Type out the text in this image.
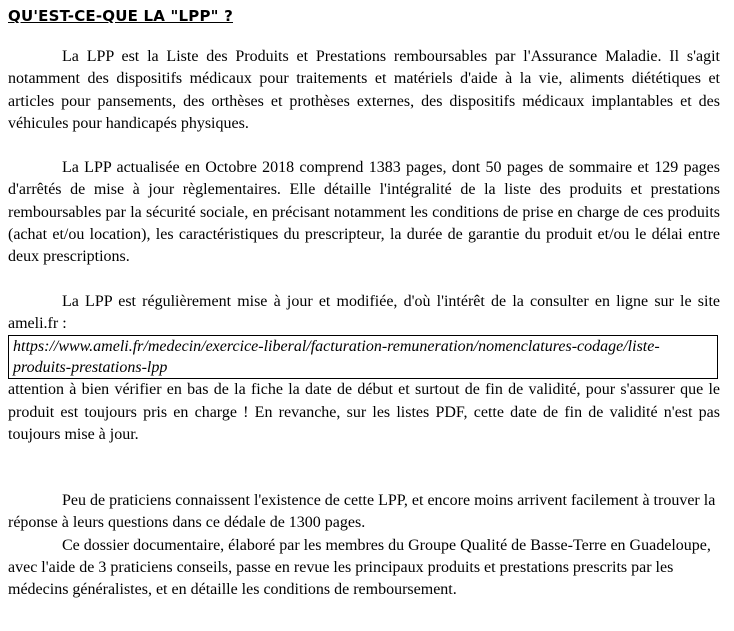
QU'EST-CE-QUE LA "LPP" ?

La LPP est la Liste des Produits et Prestations remboursables par l'Assurance Maladie. Il s'agit notamment des dispositifs médicaux pour traitements et matériels d'aide à la vie, aliments diététiques et articles pour pansements, des orthèses et prothèses externes, des dispositifs médicaux implantables et des véhicules pour handicapés physiques.

La LPP actualisée en Octobre 2018 comprend 1383 pages, dont 50 pages de sommaire et 129 pages d'arrêtés de mise à jour règlementaires. Elle détaille l'intégralité de la liste des produits et prestations remboursables par la sécurité sociale, en précisant notamment les conditions de prise en charge de ces produits (achat et/ou location), les caractéristiques du prescripteur, la durée de garantie du produit et/ou le délai entre deux prescriptions.

La LPP est régulièrement mise à jour et modifiée, d'où l'intérêt de la consulter en ligne sur le site ameli.fr :

https://www.ameli.fr/medecin/exercice-liberal/facturation-remuneration/nomenclatures-codage/liste-produits-prestations-lpp

attention à bien vérifier en bas de la fiche la date de début et surtout de fin de validité, pour s'assurer que le produit est toujours pris en charge ! En revanche, sur les listes PDF, cette date de fin de validité n'est pas toujours mise à jour.

Peu de praticiens connaissent l'existence de cette LPP, et encore moins arrivent facilement à trouver la réponse à leurs questions dans ce dédale de 1300 pages.

Ce dossier documentaire, élaboré par les membres du Groupe Qualité de Basse-Terre en Guadeloupe, avec l'aide de 3 praticiens conseils, passe en revue les principaux produits et prestations prescrits par les médecins généralistes, et en détaille les conditions de remboursement.
